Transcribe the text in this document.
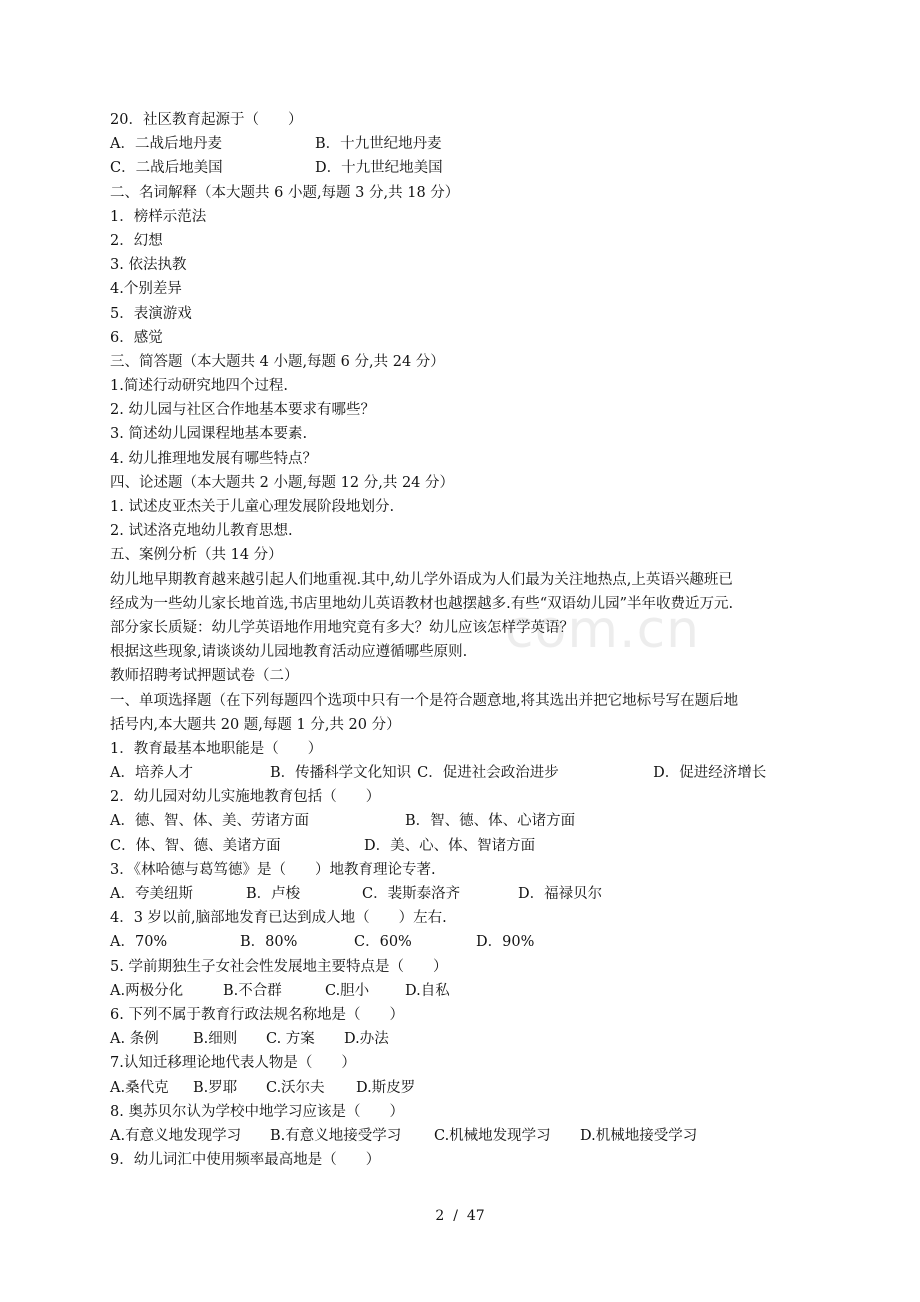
com.cn
20．社区教育起源于（　　）
A．二战后地丹麦	B．十九世纪地丹麦
C．二战后地美国	D．十九世纪地美国
二、名词解释（本大题共 6 小题,每题 3 分,共 18 分）
1．榜样示范法
2．幻想
3. 依法执教
4.个别差异
5．表演游戏
6．感觉
三、简答题（本大题共 4 小题,每题 6 分,共 24 分）
1.简述行动研究地四个过程.
2. 幼儿园与社区合作地基本要求有哪些？
3. 简述幼儿园课程地基本要素.
4. 幼儿推理地发展有哪些特点？
四、论述题（本大题共 2 小题,每题 12 分,共 24 分）
1. 试述皮亚杰关于儿童心理发展阶段地划分.
2. 试述洛克地幼儿教育思想.
五、案例分析（共 14 分）
幼儿地早期教育越来越引起人们地重视.其中,幼儿学外语成为人们最为关注地热点,上英语兴趣班已
经成为一些幼儿家长地首选,书店里地幼儿英语教材也越摆越多.有些“双语幼儿园”半年收费近万元.
部分家长质疑：幼儿学英语地作用地究竟有多大？幼儿应该怎样学英语？
根据这些现象,请谈谈幼儿园地教育活动应遵循哪些原则.
教师招聘考试押题试卷（二）
一、单项选择题（在下列每题四个选项中只有一个是符合题意地,将其选出并把它地标号写在题后地
括号内,本大题共 20 题,每题 1 分,共 20 分）
1．教育最基本地职能是（　　）
A．培养人才	B．传播科学文化知识 C．促进社会政治进步	D．促进经济增长
2．幼儿园对幼儿实施地教育包括（　　）
A．德、智、体、美、劳诸方面	B．智、德、体、心诸方面
C．体、智、德、美诸方面	D．美、心、体、智诸方面
3．《林哈德与葛笃德》是（　　）地教育理论专著.
A．夸美纽斯	B．卢梭	C．裴斯泰洛齐	D．福禄贝尔
4．3 岁以前,脑部地发育已达到成人地（　　）左右.
A．70%	B．80%	C．60%	D．90%
5. 学前期独生子女社会性发展地主要特点是（　　）
A.两极分化	B.不合群	C.胆小 D.自私
6. 下列不属于教育行政法规名称地是（　　）
A. 条例 B.细则 C. 方案 D.办法
7.认知迁移理论地代表人物是（　　）
A.桑代克 B.罗耶 C.沃尔夫 D.斯皮罗
8. 奥苏贝尔认为学校中地学习应该是（　　）
A.有意义地发现学习 B.有意义地接受学习 C.机械地发现学习 D.机械地接受学习
9．幼儿词汇中使用频率最高地是（　　）
2 / 47
